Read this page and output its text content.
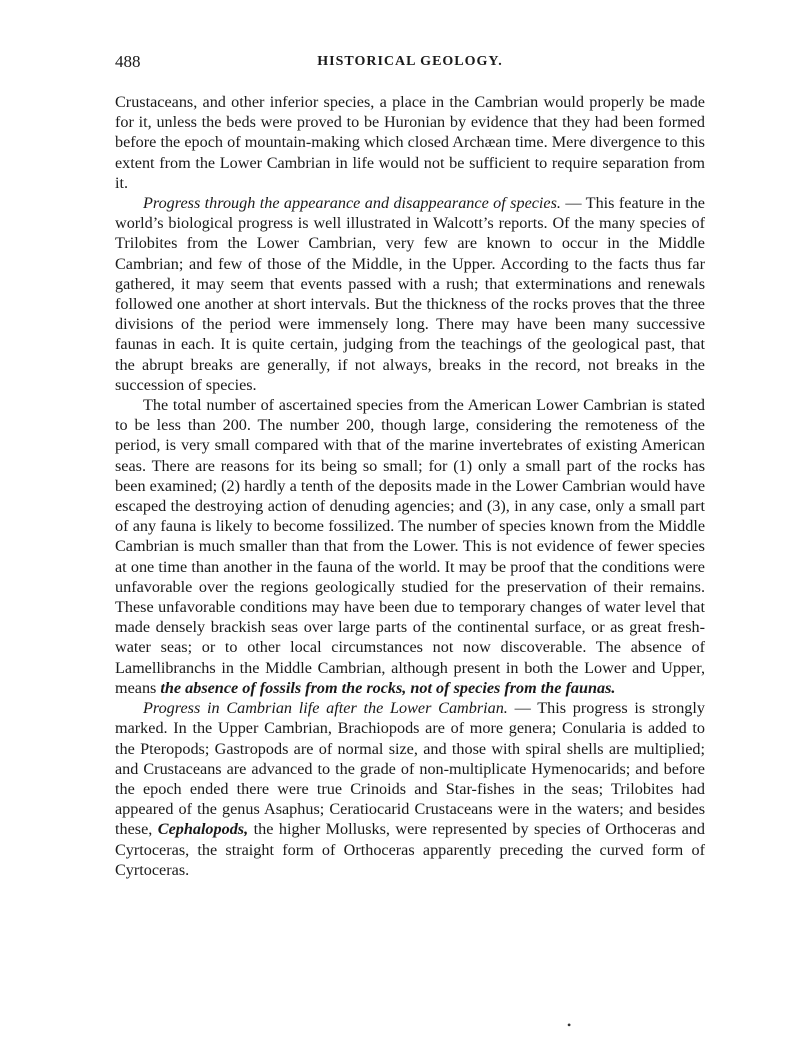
488	HISTORICAL GEOLOGY.

Crustaceans, and other inferior species, a place in the Cambrian would properly be made for it, unless the beds were proved to be Huronian by evidence that they had been formed before the epoch of mountain-making which closed Archæan time. Mere divergence to this extent from the Lower Cambrian in life would not be sufficient to require separation from it.

Progress through the appearance and disappearance of species. — This feature in the world’s biological progress is well illustrated in Walcott’s reports. Of the many species of Trilobites from the Lower Cambrian, very few are known to occur in the Middle Cambrian; and few of those of the Middle, in the Upper. According to the facts thus far gathered, it may seem that events passed with a rush; that exterminations and renewals followed one another at short intervals. But the thickness of the rocks proves that the three divisions of the period were immensely long. There may have been many successive faunas in each. It is quite certain, judging from the teachings of the geological past, that the abrupt breaks are generally, if not always, breaks in the record, not breaks in the succession of species.

The total number of ascertained species from the American Lower Cambrian is stated to be less than 200. The number 200, though large, considering the remoteness of the period, is very small compared with that of the marine invertebrates of existing American seas. There are reasons for its being so small; for (1) only a small part of the rocks has been examined; (2) hardly a tenth of the deposits made in the Lower Cambrian would have escaped the destroying action of denuding agencies; and (3), in any case, only a small part of any fauna is likely to become fossilized. The number of species known from the Middle Cambrian is much smaller than that from the Lower. This is not evidence of fewer species at one time than another in the fauna of the world. It may be proof that the conditions were unfavorable over the regions geologically studied for the preservation of their remains. These unfavorable conditions may have been due to temporary changes of water level that made densely brackish seas over large parts of the continental surface, or as great fresh-water seas; or to other local circumstances not now discoverable. The absence of Lamellibranchs in the Middle Cambrian, although present in both the Lower and Upper, means the absence of fossils from the rocks, not of species from the faunas.

Progress in Cambrian life after the Lower Cambrian. — This progress is strongly marked. In the Upper Cambrian, Brachiopods are of more genera; Conularia is added to the Pteropods; Gastropods are of normal size, and those with spiral shells are multiplied; and Crustaceans are advanced to the grade of non-multiplicate Hymenocarids; and before the epoch ended there were true Crinoids and Star-fishes in the seas; Trilobites had appeared of the genus Asaphus; Ceratiocarid Crustaceans were in the waters; and besides these, Cephalopods, the higher Mollusks, were represented by species of Orthoceras and Cyrtoceras, the straight form of Orthoceras apparently preceding the curved form of Cyrtoceras.

•
